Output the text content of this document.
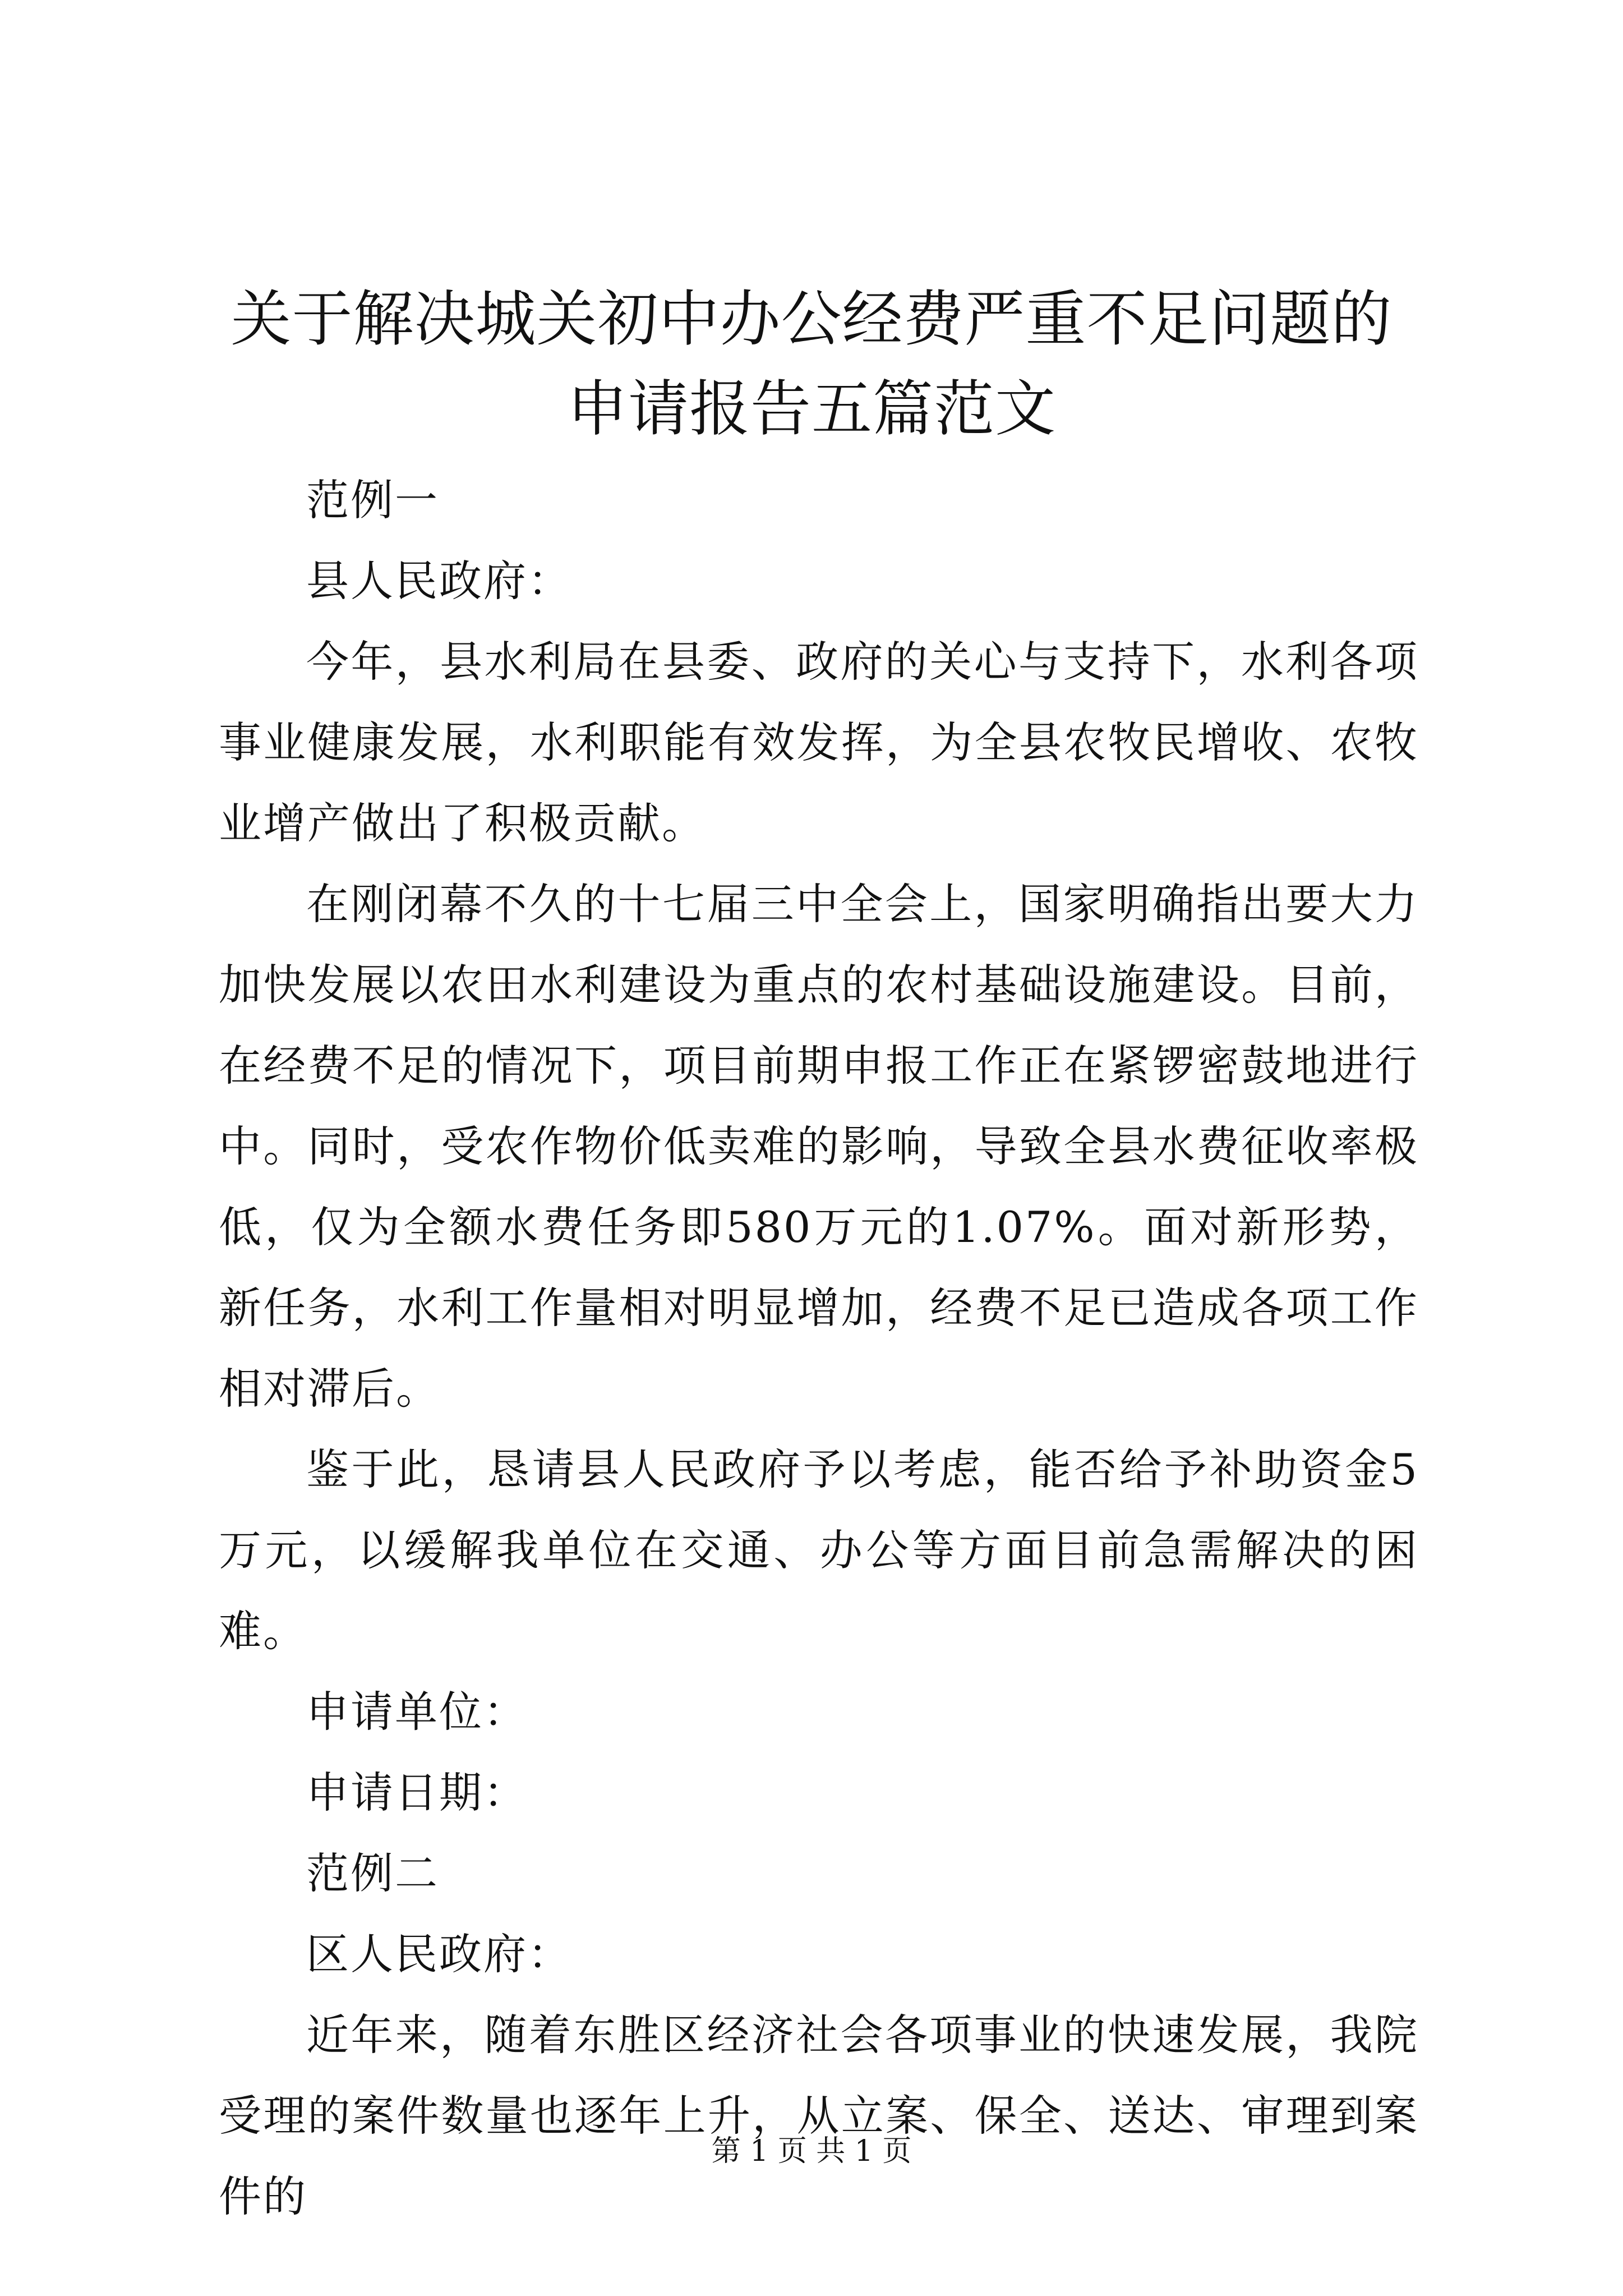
关于解决城关初中办公经费严重不足问题的申请报告五篇范文

范例一

县人民政府：

今年，县水利局在县委、政府的关心与支持下，水利各项事业健康发展，水利职能有效发挥，为全县农牧民增收、农牧业增产做出了积极贡献。

在刚闭幕不久的十七届三中全会上，国家明确指出要大力加快发展以农田水利建设为重点的农村基础设施建设。目前，在经费不足的情况下，项目前期申报工作正在紧锣密鼓地进行中。同时，受农作物价低卖难的影响，导致全县水费征收率极低，仅为全额水费任务即580万元的1.07%。面对新形势，新任务，水利工作量相对明显增加，经费不足已造成各项工作相对滞后。

鉴于此，恳请县人民政府予以考虑，能否给予补助资金5万元，以缓解我单位在交通、办公等方面目前急需解决的困难。

申请单位：

申请日期：

范例二

区人民政府：

近年来，随着东胜区经济社会各项事业的快速发展，我院受理的案件数量也逐年上升，从立案、保全、送达、审理到案件的

第 1 页 共 1 页
